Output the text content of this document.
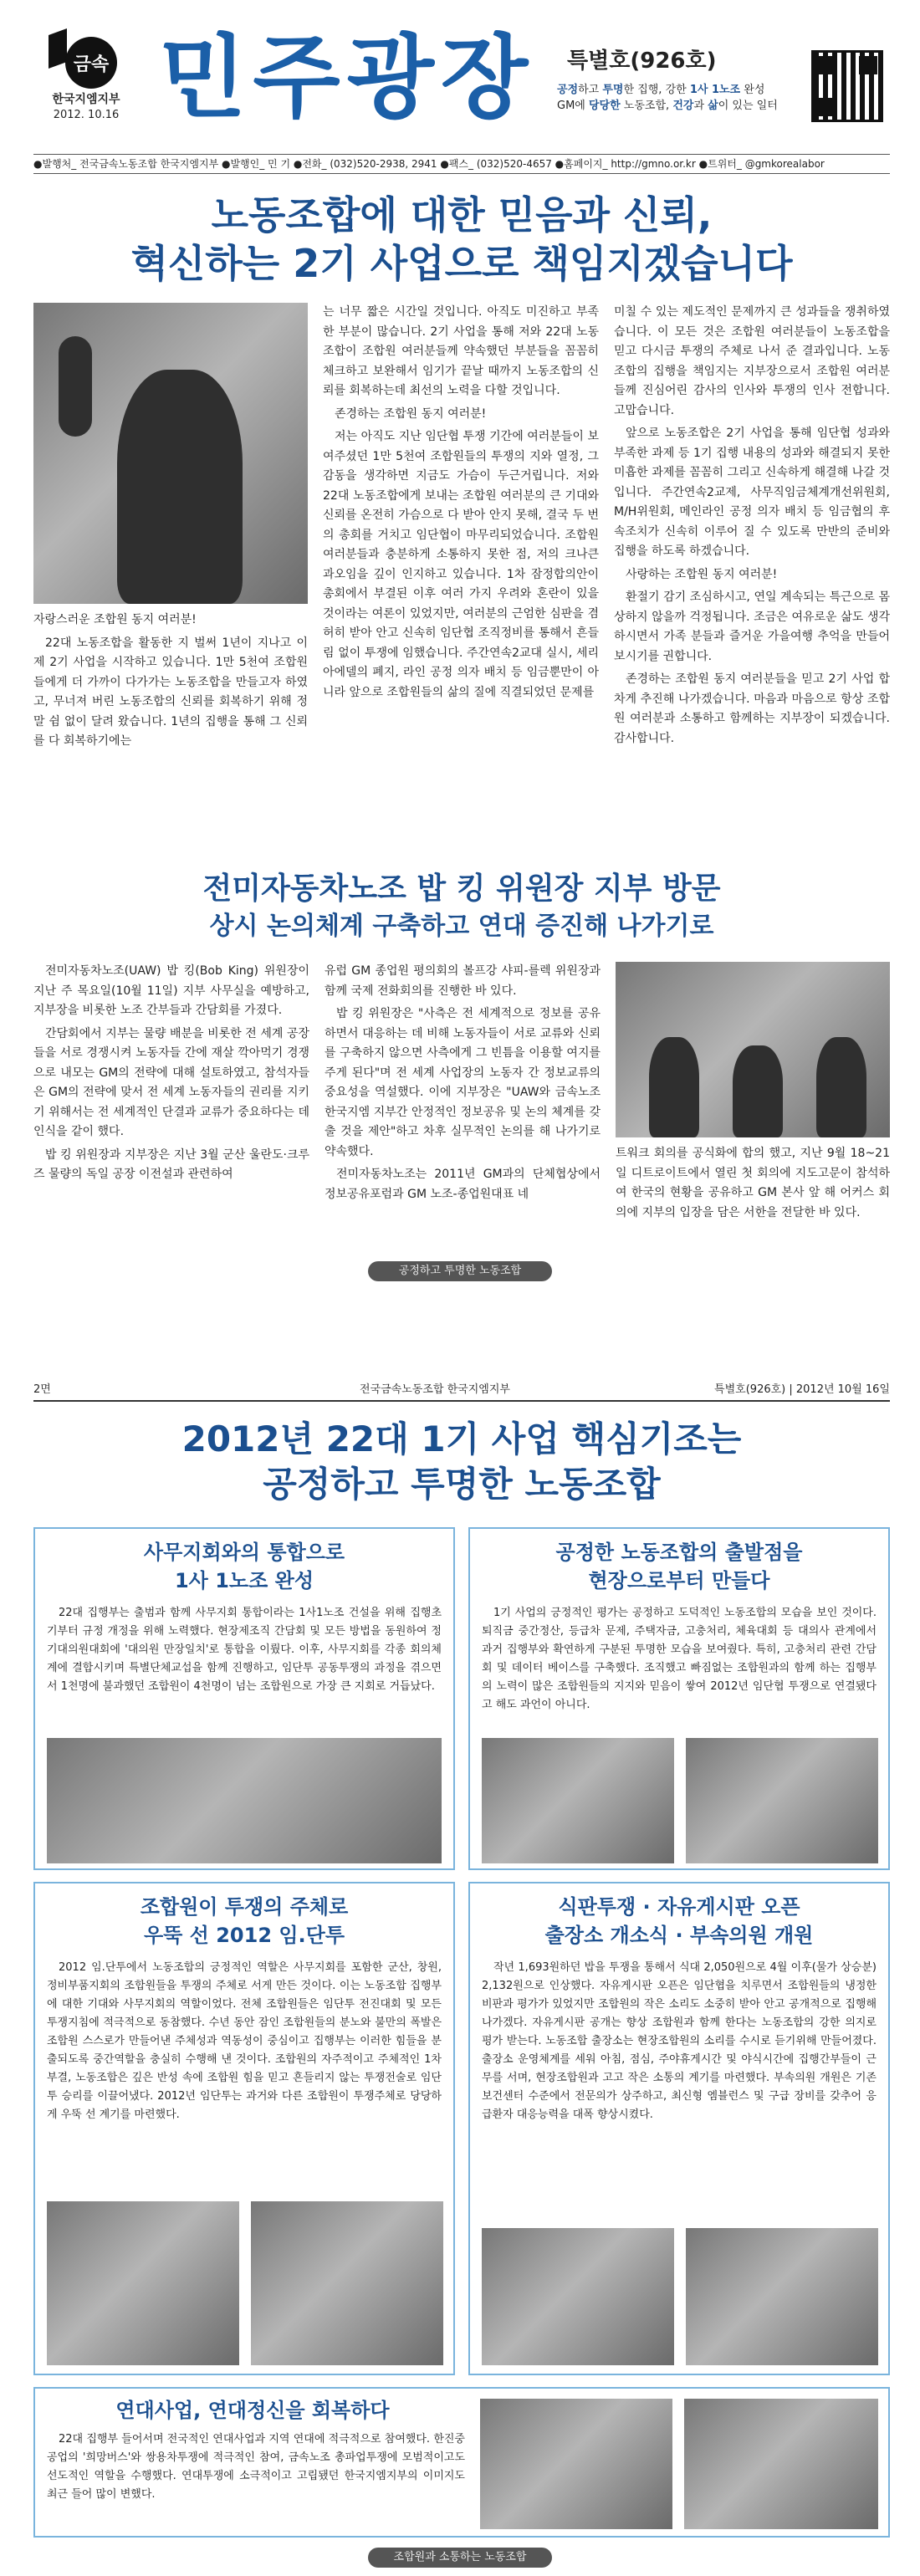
금속
한국지엠지부
2012. 10.16 민주광장 특별호(926호)
공정하고 투명한 집행, 강한 1사 1노조 완성
GM에 당당한 노동조합, 건강과 삶이 있는 일터
●발행처_ 전국금속노동조합 한국지엠지부 ●발행인_ 민 기 ●전화_ (032)520-2938, 2941 ●팩스_ (032)520-4657 ●홈페이지_ http://gmno.or.kr ●트위터_ @gmkorealabor
노동조합에 대한 믿음과 신뢰,
혁신하는 2기 사업으로 책임지겠습니다

자랑스러운 조합원 동지 여러분!

22대 노동조합을 활동한 지 벌써 1년이 지나고 이제 2기 사업을 시작하고 있습니다. 1만 5천여 조합원들에게 더 가까이 다가가는 노동조합을 만들고자 하였고, 무너져 버린 노동조합의 신뢰를 회복하기 위해 정말 쉼 없이 달려 왔습니다. 1년의 집행을 통해 그 신뢰를 다 회복하기에는

는 너무 짧은 시간일 것입니다. 아직도 미진하고 부족한 부분이 많습니다. 2기 사업을 통해 저와 22대 노동조합이 조합원 여러분들께 약속했던 부분들을 꼼꼼히 체크하고 보완해서 임기가 끝날 때까지 노동조합의 신뢰를 회복하는데 최선의 노력을 다할 것입니다.

존경하는 조합원 동지 여러분!

저는 아직도 지난 임단협 투쟁 기간에 여러분들이 보여주셨던 1만 5천여 조합원들의 투쟁의 지와 열정, 그 감동을 생각하면 지금도 가슴이 두근거립니다. 저와 22대 노동조합에게 보내는 조합원 여러분의 큰 기대와 신뢰를 온전히 가슴으로 다 받아 안지 못해, 결국 두 번의 총회를 거치고 임단협이 마무리되었습니다. 조합원 여러분들과 충분하게 소통하지 못한 점, 저의 크나큰 과오임을 깊이 인지하고 있습니다. 1차 잠정합의안이 총회에서 부결된 이후 여러 가지 우려와 혼란이 있을 것이라는 여론이 있었지만, 여러분의 근엄한 심판을 겸허히 받아 안고 신속히 임단협 조직정비를 통해서 흔들림 없이 투쟁에 임했습니다. 주간연속2교대 실시, 세리아에델의 폐지, 라인 공정 의자 배치 등 임금뿐만이 아니라 앞으로 조합원들의 삶의 질에 직결되었던 문제를

미칠 수 있는 제도적인 문제까지 큰 성과들을 쟁취하였습니다. 이 모든 것은 조합원 여러분들이 노동조합을 믿고 다시금 투쟁의 주체로 나서 준 결과입니다. 노동조합의 집행을 책임지는 지부장으로서 조합원 여러분들께 진심어린 감사의 인사와 투쟁의 인사 전합니다. 고맙습니다.

앞으로 노동조합은 2기 사업을 통해 임단협 성과와 부족한 과제 등 1기 집행 내용의 성과와 해결되지 못한 미흡한 과제를 꼼꼼히 그리고 신속하게 해결해 나갈 것입니다. 주간연속2교제, 사무직임금체계개선위원회, M/H위원회, 메인라인 공정 의자 배치 등 임금협의 후속조치가 신속히 이루어 질 수 있도록 만반의 준비와 집행을 하도록 하겠습니다.

사랑하는 조합원 동지 여러분!

환절기 감기 조심하시고, 연일 계속되는 특근으로 몸 상하지 않을까 걱정됩니다. 조금은 여유로운 삶도 생각하시면서 가족 분들과 즐거운 가을여행 추억을 만들어 보시기를 권합니다.

존경하는 조합원 동지 여러분들을 믿고 2기 사업 합차게 추진해 나가겠습니다. 마음과 마음으로 항상 조합원 여러분과 소통하고 함께하는 지부장이 되겠습니다. 감사합니다.

전미자동차노조 밥 킹 위원장 지부 방문
상시 논의체계 구축하고 연대 증진해 나가기로

전미자동차노조(UAW) 밥 킹(Bob King) 위원장이 지난 주 목요일(10월 11일) 지부 사무실을 예방하고, 지부장을 비롯한 노조 간부들과 간담회를 가졌다.

간담회에서 지부는 물량 배분을 비롯한 전 세계 공장들을 서로 경쟁시켜 노동자들 간에 재살 깍아먹기 경쟁으로 내모는 GM의 전략에 대해 설토하였고, 참석자들은 GM의 전략에 맞서 전 세계 노동자들의 권리를 지키기 위해서는 전 세계적인 단결과 교류가 중요하다는 데 인식을 같이 했다.

밥 킹 위원장과 지부장은 지난 3월 군산 울란도·크루즈 물량의 독일 공장 이전설과 관련하여

유럽 GM 종업원 평의회의 볼프강 샤피-를렉 위원장과 함께 국제 전화회의를 진행한 바 있다.

밥 킹 위원장은 "사측은 전 세계적으로 정보를 공유하면서 대응하는 데 비해 노동자들이 서로 교류와 신뢰를 구축하지 않으면 사측에게 그 빈틈을 이용할 여지를 주게 된다"며 전 세계 사업장의 노동자 간 정보교류의 중요성을 역설했다. 이에 지부장은 "UAW와 금속노조 한국지엠 지부간 안정적인 정보공유 및 논의 체계를 갖출 것을 제안"하고 차후 실무적인 논의를 해 나가기로 약속했다.

전미자동차노조는 2011년 GM과의 단체협상에서 정보공유포럼과 GM 노조-종업원대표 네

트워크 회의를 공식화에 합의 했고, 지난 9월 18~21일 디트로이트에서 열린 첫 회의에 지도고문이 참석하여 한국의 현황을 공유하고 GM 본사 앞 해 어커스 회의에 지부의 입장을 담은 서한을 전달한 바 있다.

공정하고 투명한 노동조합
2면	전국금속노동조합 한국지엠지부	특별호(926호) | 2012년 10월 16일
2012년 22대 1기 사업 핵심기조는
공정하고 투명한 노동조합
사무지회와의 통합으로
1사 1노조 완성

22대 집행부는 출범과 함께 사무지회 통합이라는 1사1노조 건설을 위해 집행초기부터 규정 개정을 위해 노력했다. 현장제조직 간담회 및 모든 방법을 동원하여 정기대의원대회에 '대의원 만장일치'로 통합을 이뤘다. 이후, 사무지회를 각종 회의체계에 결합시키며 특별단체교섭을 함께 진행하고, 임단투 공동투쟁의 과정을 겪으면서 1천명에 불과했던 조합원이 4천명이 넘는 조합원으로 가장 큰 지회로 거듭났다.

공정한 노동조합의 출발점을
현장으로부터 만들다

1기 사업의 긍정적인 평가는 공정하고 도덕적인 노동조합의 모습을 보인 것이다. 퇴직금 중간정산, 등급차 문제, 주택자금, 고충처리, 체육대회 등 대의사 관계에서 과거 집행부와 확연하게 구분된 투명한 모습을 보여줬다. 특히, 고충처리 관련 간담회 및 데이터 베이스를 구축했다. 조직했고 빠짐없는 조합원과의 함께 하는 집행부의 노력이 많은 조합원들의 지지와 믿음이 쌓여 2012년 임단협 투쟁으로 연결됐다고 해도 과언이 아니다.

조합원이 투쟁의 주체로
우뚝 선 2012 임.단투

2012 임.단투에서 노동조합의 긍정적인 역할은 사무지회를 포함한 군산, 창원, 정비부품지회의 조합원들을 투쟁의 주체로 서게 만든 것이다. 이는 노동조합 집행부에 대한 기대와 사무지회의 역할이었다. 전체 조합원들은 임단투 전진대회 및 모든 투쟁지침에 적극적으로 동참했다. 수년 동안 잠인 조합원들의 분노와 불만의 폭발은 조합원 스스로가 만들어낸 주체성과 역동성이 중심이고 집행부는 이러한 힘들을 분출되도록 중간역할을 충실히 수행해 낸 것이다. 조합원의 자주적이고 주체적인 1차 부결, 노동조합은 깊은 반성 속에 조합원 힘을 믿고 흔들리지 않는 투쟁전술로 임단투 승리를 이끌어냈다. 2012년 임단투는 과거와 다른 조합원이 투쟁주체로 당당하게 우뚝 선 계기를 마련했다.

식판투쟁 · 자유게시판 오픈
출장소 개소식 · 부속의원 개원

작년 1,693원하던 밥을 투쟁을 통해서 식대 2,050원으로 4월 이후(물가 상승분) 2,132원으로 인상했다. 자유게시판 오픈은 임단협을 치루면서 조합원들의 냉정한 비판과 평가가 있었지만 조합원의 작은 소리도 소중히 받아 안고 공개적으로 집행해 나가겠다. 자유게시판 공개는 향상 조합원과 함께 한다는 노동조합의 강한 의지로 평가 받는다. 노동조합 출장소는 현장조합원의 소리를 수시로 듣기위해 만들어졌다. 출장소 운영체계를 세워 아침, 점심, 주야휴게시간 및 야식시간에 집행간부들이 근무를 서며, 현장조합원과 고고 작은 소통의 계기를 마련했다. 부속의원 개원은 기존 보건센터 수준에서 전문의가 상주하고, 최신형 엠블런스 및 구급 장비를 갖추어 응급환자 대응능력을 대폭 향상시켰다.

연대사업, 연대정신을 회복하다

22대 집행부 들어서며 전국적인 연대사업과 지역 연대에 적극적으로 참여했다. 한진중공업의 '희망버스'와 쌍용차투쟁에 적극적인 참여, 금속노조 총파업투쟁에 모범적이고도 선도적인 역할을 수행했다. 연대투쟁에 소극적이고 고립됐던 한국지엠지부의 이미지도 최근 들어 많이 변했다.

조합원과 소통하는 노동조합
